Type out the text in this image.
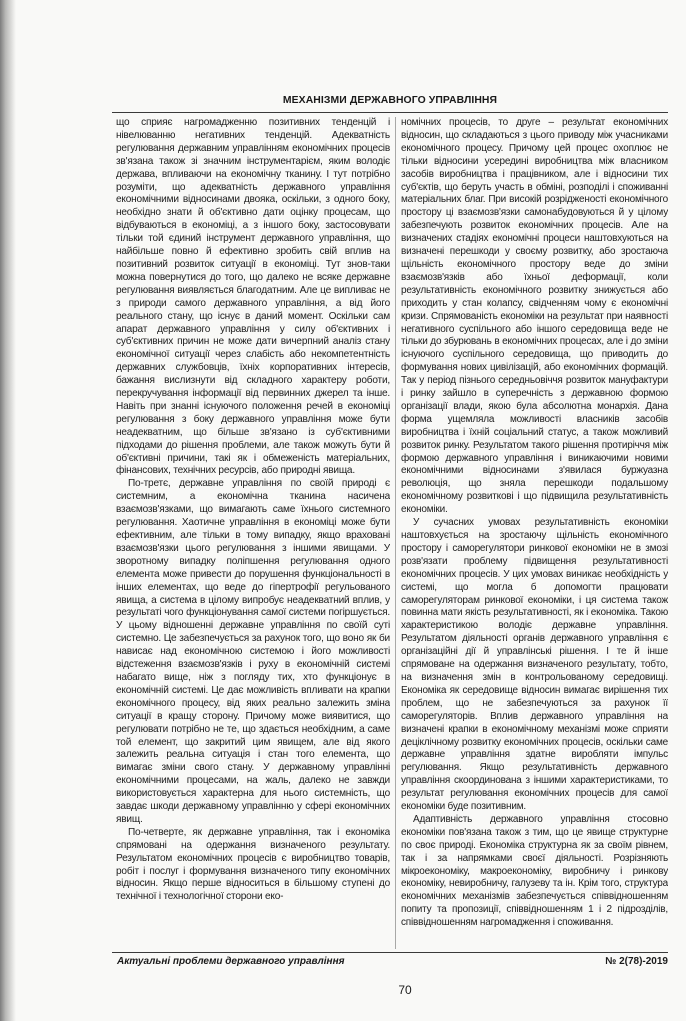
МЕХАНІЗМИ ДЕРЖАВНОГО УПРАВЛІННЯ

що сприяє нагромадженню позитивних тенденцій і нівелюванню негативних тенденцій. Адекватність регулювання державним управлінням економічних процесів зв'язана також зі значним інструментарієм, яким володіє держава, впливаючи на економічну тканину. І тут потрібно розуміти, що адекватність державного управління економічними відносинами двояка, оскільки, з одного боку, необхідно знати й об'єктивно дати оцінку процесам, що відбуваються в економіці, а з іншого боку, застосовувати тільки той єдиний інструмент державного управління, що найбільше повно й ефективно зробить свій вплив на позитивний розвиток ситуації в економіці. Тут знов-таки можна повернутися до того, що далеко не всяке державне регулювання виявляється благодатним. Але це випливає не з природи самого державного управління, а від його реального стану, що існує в даний момент. Оскільки сам апарат державного управління у силу об'єктивних і суб'єктивних причин не може дати вичерпний аналіз стану економічної ситуації через слабість або некомпетентність державних службовців, їхніх корпоративних інтересів, бажання вислизнути від складного характеру роботи, перекручування інформації від первинних джерел та інше. Навіть при знанні існуючого положення речей в економіці регулювання з боку державного управління може бути неадекватним, що більше зв'язано із суб'єктивними підходами до рішення проблеми, але також можуть бути й об'єктивні причини, такі як і обмеженість матеріальних, фінансових, технічних ресурсів, або природні явища.

По-третє, державне управління по своїй природі є системним, а економічна тканина насичена взаємозв'язками, що вимагають саме їхнього системного регулювання. Хаотичне управління в економіці може бути ефективним, але тільки в тому випадку, якщо враховані взаємозв'язки цього регулювання з іншими явищами. У зворотному випадку поліпшення регулювання одного елемента може привести до порушення функціональності в інших елементах, що веде до гіпертрофії регульованого явища, а система в цілому випробує неадекватний вплив, у результаті чого функціонування самої системи погіршується. У цьому відношенні державне управління по своїй суті системно. Це забезпечується за рахунок того, що воно як би нависає над економічною системою і його можливості відстеження взаємозв'язків і руху в економічній системі набагато вище, ніж з погляду тих, хто функціонує в економічній системі. Це дає можливість впливати на крапки економічного процесу, від яких реально залежить зміна ситуації в кращу сторону. Причому може виявитися, що регулювати потрібно не те, що здається необхідним, а саме той елемент, що закритий цим явищем, але від якого залежить реальна ситуація і стан того елемента, що вимагає зміни свого стану. У державному управлінні економічними процесами, на жаль, далеко не завжди використовується характерна для нього системність, що завдає шкоди державному управлінню у сфері економічних явищ.

По-четверте, як державне управління, так і економіка спрямовані на одержання визначеного результату. Результатом економічних процесів є виробництво товарів, робіт і послуг і формування визначеного типу економічних відносин. Якщо перше відноситься в більшому ступені до технічної і технологічної сторони еко-

номічних процесів, то друге – результат економічних відносин, що складаються з цього приводу між учасниками економічного процесу. Причому цей процес охоплює не тільки відносини усередині виробництва між власником засобів виробництва і працівником, але і відносини тих суб'єктів, що беруть участь в обміні, розподілі і споживанні матеріальних благ. При високій розрідженості економічного простору ці взаємозв'язки самонабудовуються й у цілому забезпечують розвиток економічних процесів. Але на визначених стадіях економічні процеси наштовхуються на визначені перешкоди у своєму розвитку, або зростаюча щільність економічного простору веде до зміни взаємозв'язків або їхньої деформації, коли результативність економічного розвитку знижується або приходить у стан колапсу, свідченням чому є економічні кризи. Спрямованість економіки на результат при наявності негативного суспільного або іншого середовища веде не тільки до збурювань в економічних процесах, але і до зміни існуючого суспільного середовища, що приводить до формування нових цивілізацій, або економічних формацій. Так у період пізнього середньовіччя розвиток мануфактури і ринку зайшло в суперечність з державною формою організації влади, якою була абсолютна монархія. Дана форма ущемляла можливості власників засобів виробництва і їхній соціальний статус, а також можливий розвиток ринку. Результатом такого рішення протиріччя між формою державного управління і виникаючими новими економічними відносинами з'явилася буржуазна революція, що зняла перешкоди подальшому економічному розвиткові і що підвищила результативність економіки.

У сучасних умовах результативність економіки наштовхується на зростаючу щільність економічного простору і саморегулятори ринкової економіки не в змозі розв'язати проблему підвищення результативності економічних процесів. У цих умовах виникає необхідність у системі, що могла б допомогти працювати саморегуляторам ринкової економіки, і ця система також повинна мати якість результативності, як і економіка. Такою характеристикою володіє державне управління. Результатом діяльності органів державного управління є організаційні дії й управлінські рішення. І те й інше спрямоване на одержання визначеного результату, тобто, на визначення змін в контрольованому середовищі. Економіка як середовище відносин вимагає вирішення тих проблем, що не забезпечуються за рахунок її саморегуляторів. Вплив державного управління на визначені крапки в економічному механізмі може сприяти деціклічному розвитку економічних процесів, оскільки саме державне управління здатне виробляти імпульс регулювання. Якщо результативність державного управління скоординована з іншими характеристиками, то результат регулювання економічних процесів для самої економіки буде позитивним.

Адаптивність державного управління стосовно економіки пов'язана також з тим, що це явище структурне по своє природі. Економіка структурна як за своїм рівнем, так і за напрямками своєї діяльності. Розрізняють мікроекономіку, макроекономіку, виробничу і ринкову економіку, невиробничу, галузеву та ін. Крім того, структура економічних механізмів забезпечується співвідношенням попиту та пропозиції, співвідношенням 1 і 2 підрозділів, співвідношенням нагромадження і споживання.

Актуальні проблеми державного управління	№ 2(78)-2019
70
